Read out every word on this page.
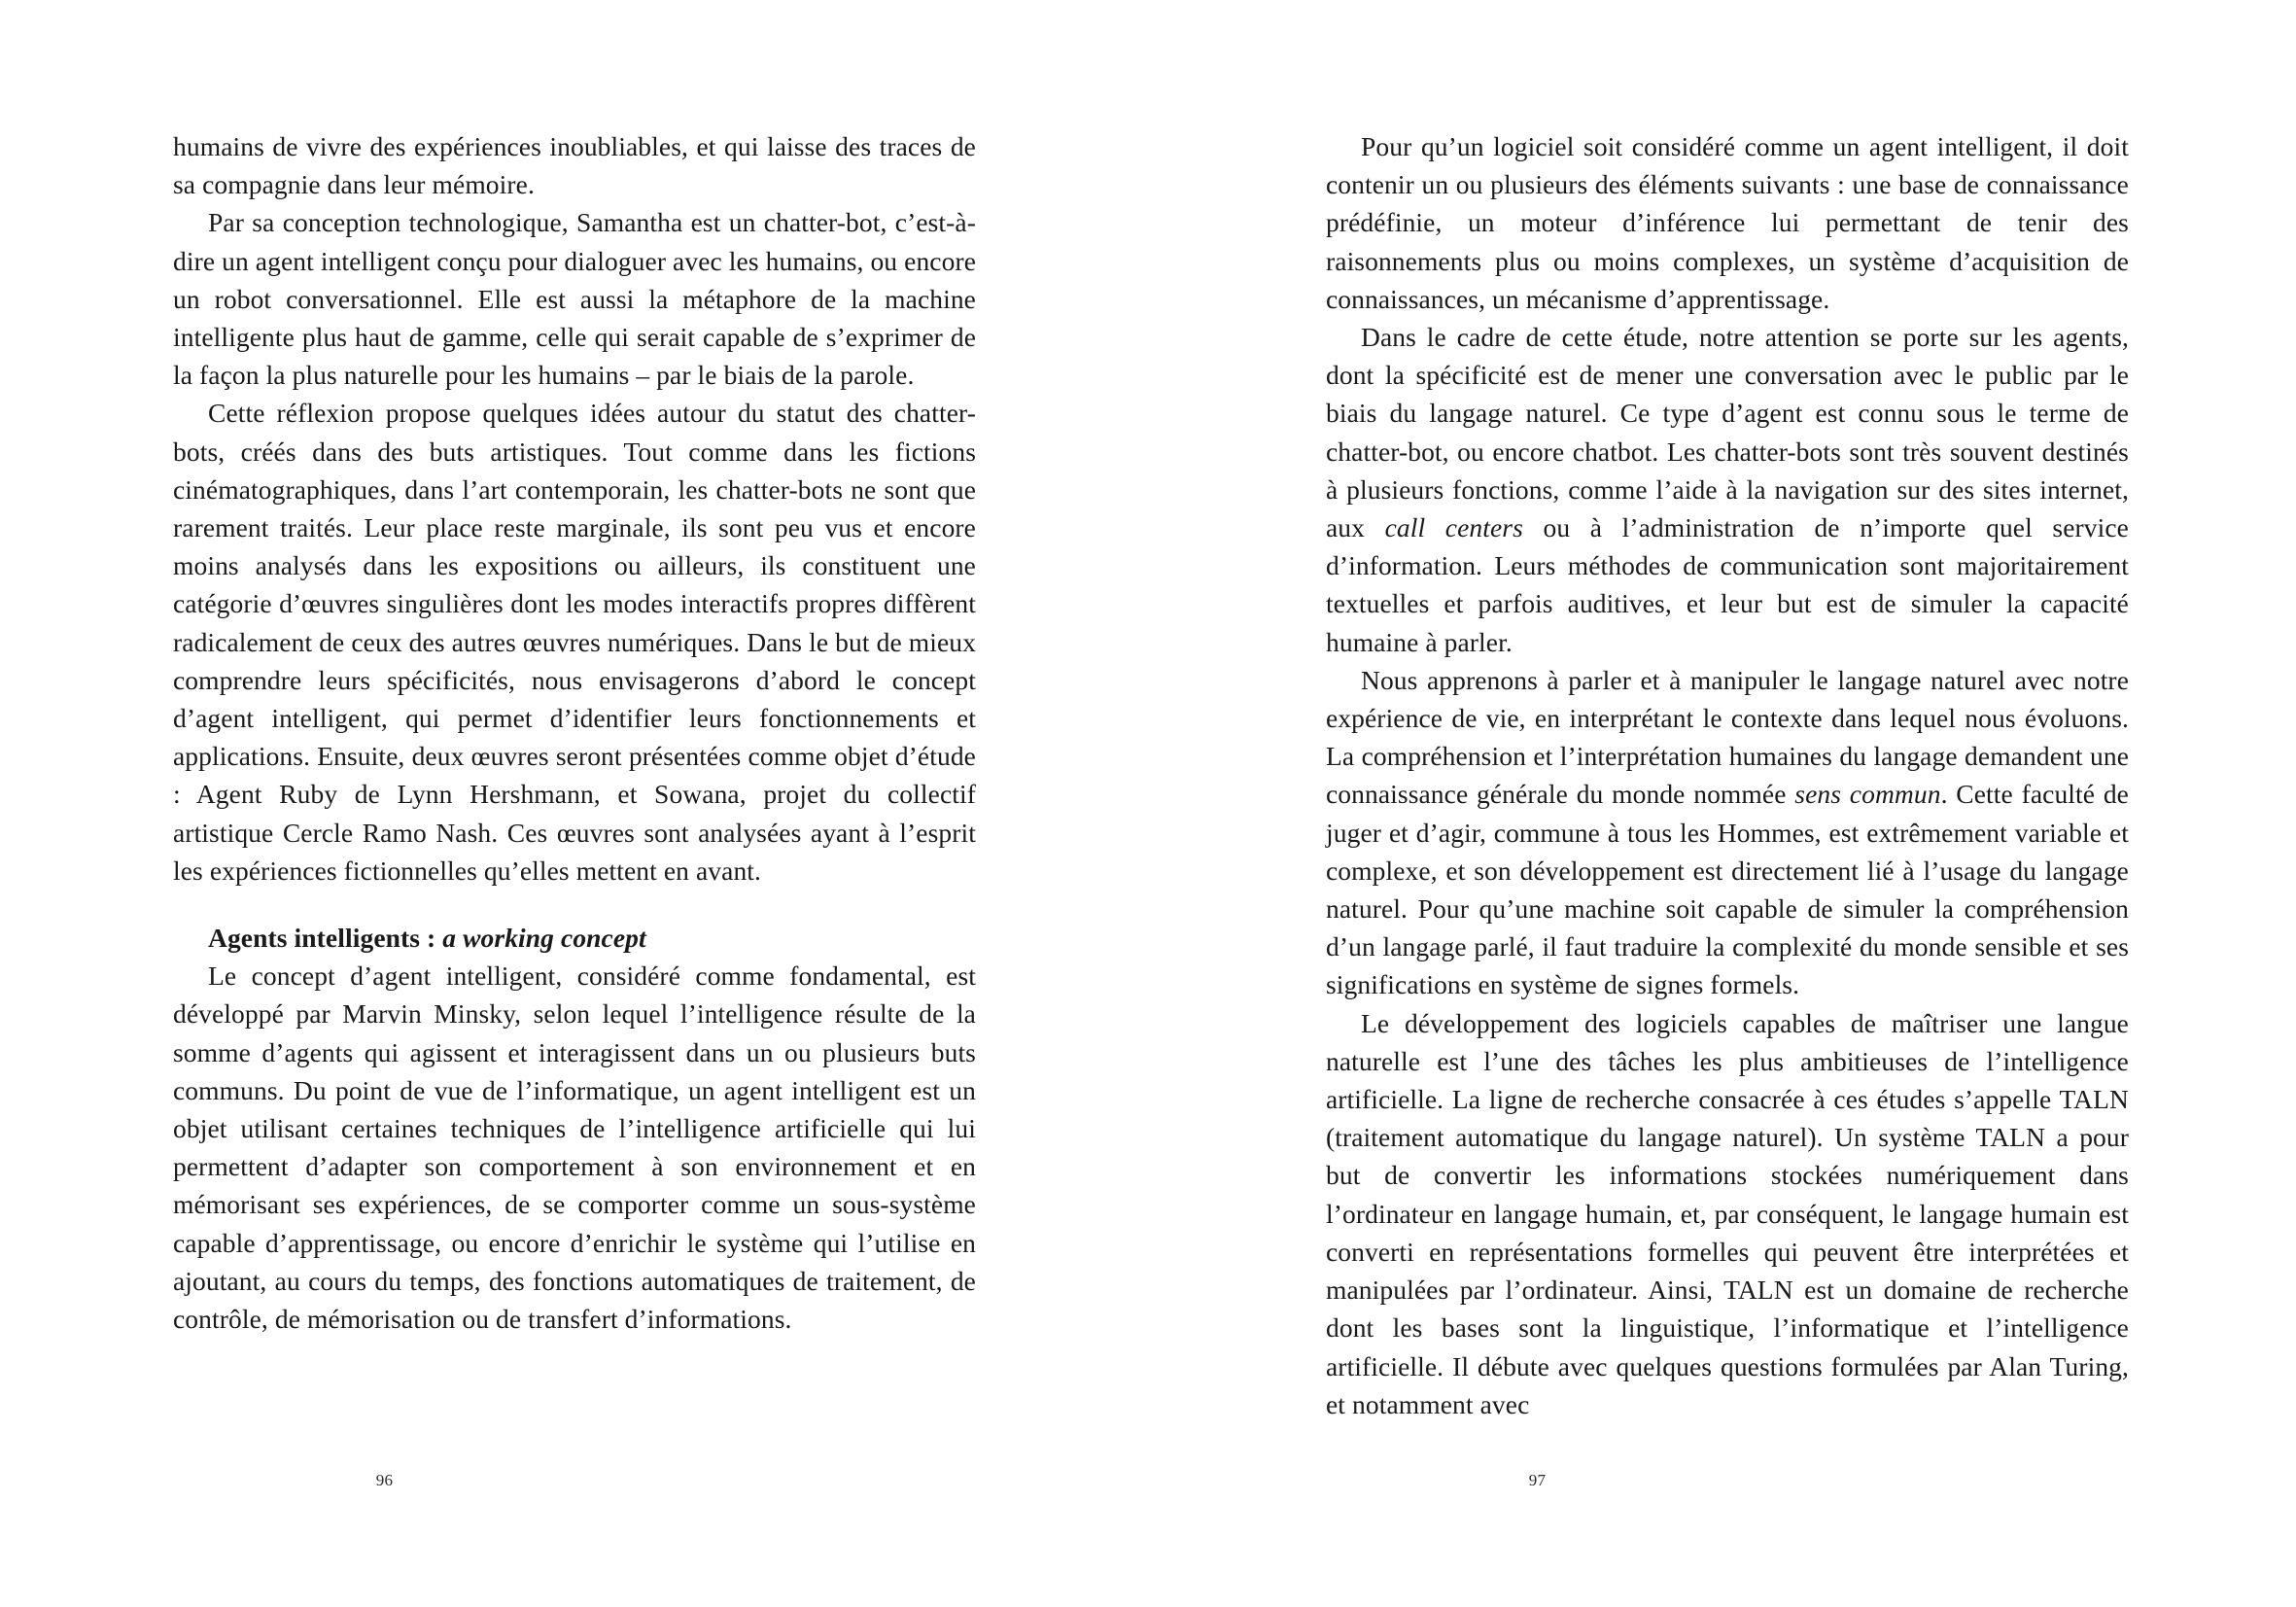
humains de vivre des expériences inoubliables, et qui laisse des traces de sa compagnie dans leur mémoire.

Par sa conception technologique, Samantha est un chatter-bot, c’est-à-dire un agent intelligent conçu pour dialoguer avec les humains, ou encore un robot conversationnel. Elle est aussi la métaphore de la machine intelligente plus haut de gamme, celle qui serait capable de s’exprimer de la façon la plus naturelle pour les humains – par le biais de la parole.

Cette réflexion propose quelques idées autour du statut des chatter-bots, créés dans des buts artistiques. Tout comme dans les fictions cinématographiques, dans l’art contemporain, les chatter-bots ne sont que rarement traités. Leur place reste marginale, ils sont peu vus et encore moins analysés dans les expositions ou ailleurs, ils constituent une catégorie d’œuvres singulières dont les modes interactifs propres diffèrent radicalement de ceux des autres œuvres numériques. Dans le but de mieux comprendre leurs spécificités, nous envisagerons d’abord le concept d’agent intelligent, qui permet d’identifier leurs fonctionnements et applications. Ensuite, deux œuvres seront présentées comme objet d’étude : Agent Ruby de Lynn Hershmann, et Sowana, projet du collectif artistique Cercle Ramo Nash. Ces œuvres sont analysées ayant à l’esprit les expériences fictionnelles qu’elles mettent en avant.

Agents intelligents : a working concept

Le concept d’agent intelligent, considéré comme fondamental, est développé par Marvin Minsky, selon lequel l’intelligence résulte de la somme d’agents qui agissent et interagissent dans un ou plusieurs buts communs. Du point de vue de l’informatique, un agent intelligent est un objet utilisant certaines techniques de l’intelligence artificielle qui lui permettent d’adapter son comportement à son environnement et en mémorisant ses expériences, de se comporter comme un sous-système capable d’apprentissage, ou encore d’enrichir le système qui l’utilise en ajoutant, au cours du temps, des fonctions automatiques de traitement, de contrôle, de mémorisation ou de transfert d’informations.

96

Pour qu’un logiciel soit considéré comme un agent intelligent, il doit contenir un ou plusieurs des éléments suivants : une base de connaissance prédéfinie, un moteur d’inférence lui permettant de tenir des raisonnements plus ou moins complexes, un système d’acquisition de connaissances, un mécanisme d’apprentissage.

Dans le cadre de cette étude, notre attention se porte sur les agents, dont la spécificité est de mener une conversation avec le public par le biais du langage naturel. Ce type d’agent est connu sous le terme de chatter-bot, ou encore chatbot. Les chatter-bots sont très souvent destinés à plusieurs fonctions, comme l’aide à la navigation sur des sites internet, aux call centers ou à l’administration de n’importe quel service d’information. Leurs méthodes de communication sont majoritairement textuelles et parfois auditives, et leur but est de simuler la capacité humaine à parler.

Nous apprenons à parler et à manipuler le langage naturel avec notre expérience de vie, en interprétant le contexte dans lequel nous évoluons. La compréhension et l’interprétation humaines du langage demandent une connaissance générale du monde nommée sens commun. Cette faculté de juger et d’agir, commune à tous les Hommes, est extrêmement variable et complexe, et son développement est directement lié à l’usage du langage naturel. Pour qu’une machine soit capable de simuler la compréhension d’un langage parlé, il faut traduire la complexité du monde sensible et ses significations en système de signes formels.

Le développement des logiciels capables de maîtriser une langue naturelle est l’une des tâches les plus ambitieuses de l’intelligence artificielle. La ligne de recherche consacrée à ces études s’appelle TALN (traitement automatique du langage naturel). Un système TALN a pour but de convertir les informations stockées numériquement dans l’ordinateur en langage humain, et, par conséquent, le langage humain est converti en représentations formelles qui peuvent être interprétées et manipulées par l’ordinateur. Ainsi, TALN est un domaine de recherche dont les bases sont la linguistique, l’informatique et l’intelligence artificielle. Il débute avec quelques questions formulées par Alan Turing, et notamment avec

97
